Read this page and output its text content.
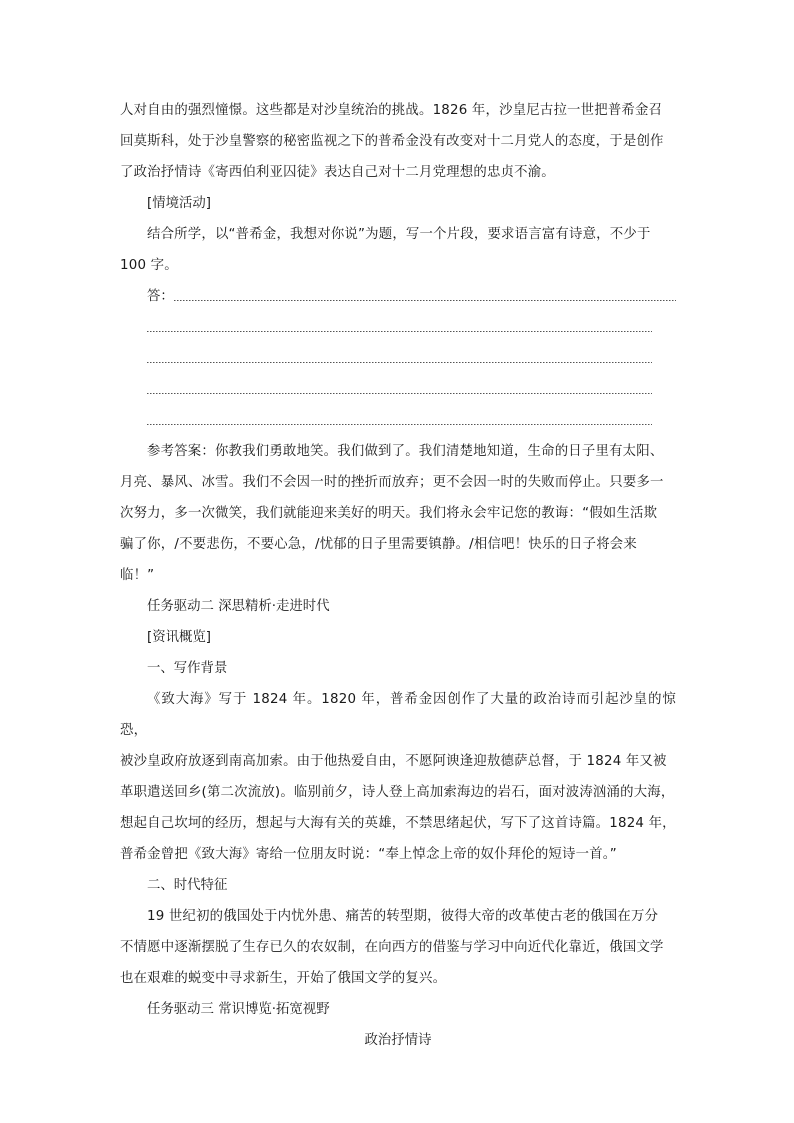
人对自由的强烈憧憬。这些都是对沙皇统治的挑战。1826 年，沙皇尼古拉一世把普希金召

回莫斯科，处于沙皇警察的秘密监视之下的普希金没有改变对十二月党人的态度，于是创作

了政治抒情诗《寄西伯利亚囚徒》表达自己对十二月党理想的忠贞不渝。

[情境活动]

结合所学，以“普希金，我想对你说”为题，写一个片段，要求语言富有诗意，不少于

100 字。

答：

参考答案：你教我们勇敢地笑。我们做到了。我们清楚地知道，生命的日子里有太阳、

月亮、暴风、冰雪。我们不会因一时的挫折而放弃；更不会因一时的失败而停止。只要多一

次努力，多一次微笑，我们就能迎来美好的明天。我们将永会牢记您的教诲：“假如生活欺

骗了你，/不要悲伤，不要心急，/忧郁的日子里需要镇静。/相信吧！快乐的日子将会来

临！”

任务驱动二 深思精析·走进时代

[资讯概览]

一、写作背景

《致大海》写于 1824 年。1820 年，普希金因创作了大量的政治诗而引起沙皇的惊恐，

被沙皇政府放逐到南高加索。由于他热爱自由，不愿阿谀逢迎敖德萨总督，于 1824 年又被

革职遣送回乡(第二次流放)。临别前夕，诗人登上高加索海边的岩石，面对波涛汹涌的大海，

想起自己坎坷的经历，想起与大海有关的英雄，不禁思绪起伏，写下了这首诗篇。1824 年，

普希金曾把《致大海》寄给一位朋友时说：“奉上悼念上帝的奴仆拜伦的短诗一首。”

二、时代特征

19 世纪初的俄国处于内忧外患、痛苦的转型期，彼得大帝的改革使古老的俄国在万分

不情愿中逐渐摆脱了生存已久的农奴制，在向西方的借鉴与学习中向近代化靠近，俄国文学

也在艰难的蜕变中寻求新生，开始了俄国文学的复兴。

任务驱动三 常识博览·拓宽视野

政治抒情诗
